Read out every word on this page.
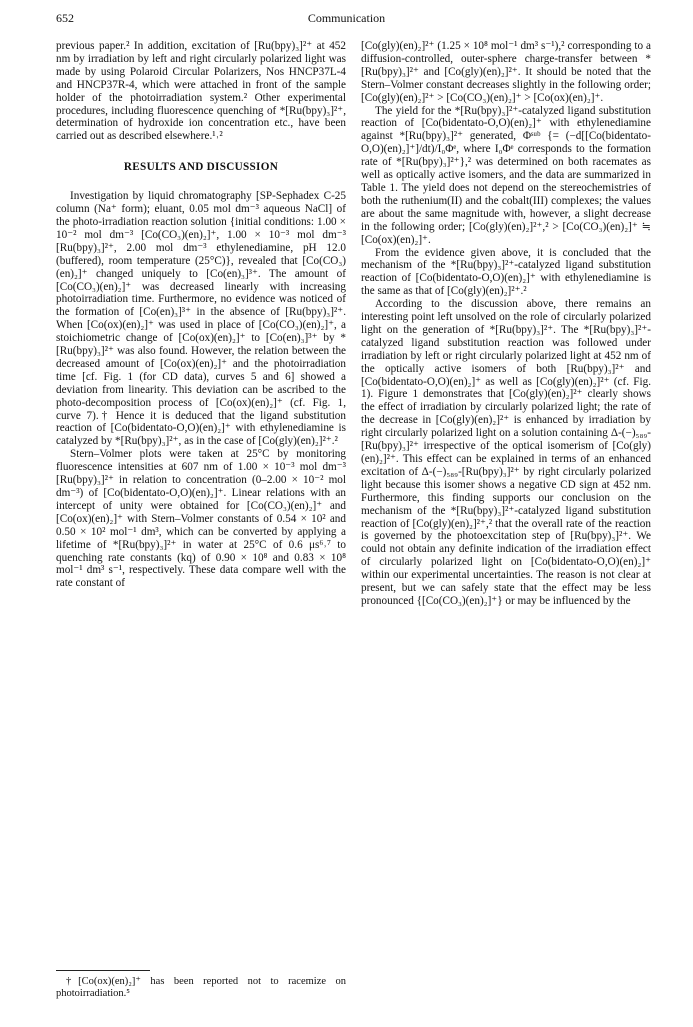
652	Communication

previous paper.² In addition, excitation of [Ru(bpy)₃]²⁺ at 452 nm by irradiation by left and right circularly polarized light was made by using Polaroid Circular Polarizers, Nos HNCP37L-4 and HNCP37R-4, which were attached in front of the sample holder of the photoirradiation system.² Other experimental procedures, including fluorescence quenching of *[Ru(bpy)₃]²⁺, determination of hydroxide ion concentration etc., have been carried out as described elsewhere.¹˒²

RESULTS AND DISCUSSION

Investigation by liquid chromatography [SP-Sephadex C-25 column (Na⁺ form); eluant, 0.05 mol dm⁻³ aqueous NaCl] of the photo-irradiation reaction solution {initial conditions: 1.00 × 10⁻² mol dm⁻³ [Co(CO₃)(en)₂]⁺, 1.00 × 10⁻³ mol dm⁻³ [Ru(bpy)₃]²⁺, 2.00 mol dm⁻³ ethylenediamine, pH 12.0 (buffered), room temperature (25°C)}, revealed that [Co(CO₃)(en)₂]⁺ changed uniquely to [Co(en)₃]³⁺. The amount of [Co(CO₃)(en)₂]⁺ was decreased linearly with increasing photoirradiation time. Furthermore, no evidence was noticed of the formation of [Co(en)₃]³⁺ in the absence of [Ru(bpy)₃]²⁺. When [Co(ox)(en)₂]⁺ was used in place of [Co(CO₃)(en)₂]⁺, a stoichiometric change of [Co(ox)(en)₂]⁺ to [Co(en)₃]³⁺ by *[Ru(bpy)₃]²⁺ was also found. However, the relation between the decreased amount of [Co(ox)(en)₂]⁺ and the photoirradiation time [cf. Fig. 1 (for CD data), curves 5 and 6] showed a deviation from linearity. This deviation can be ascribed to the photo-decomposition process of [Co(ox)(en)₂]⁺ (cf. Fig. 1, curve 7).† Hence it is deduced that the ligand substitution reaction of [Co(bidentato-O,O)(en)₂]⁺ with ethylenediamine is catalyzed by *[Ru(bpy)₃]²⁺, as in the case of [Co(gly)(en)₂]²⁺.²

Stern–Volmer plots were taken at 25°C by monitoring fluorescence intensities at 607 nm of 1.00 × 10⁻³ mol dm⁻³ [Ru(bpy)₃]²⁺ in relation to concentration (0–2.00 × 10⁻² mol dm⁻³) of [Co(bidentato-O,O)(en)₂]⁺. Linear relations with an intercept of unity were obtained for [Co(CO₃)(en)₂]⁺ and [Co(ox)(en)₂]⁺ with Stern–Volmer constants of 0.54 × 10² and 0.50 × 10² mol⁻¹ dm³, which can be converted by applying a lifetime of *[Ru(bpy)₃]²⁺ in water at 25°C of 0.6 μs⁶˒⁷ to quenching rate constants (kq) of 0.90 × 10⁸ and 0.83 × 10⁸ mol⁻¹ dm³ s⁻¹, respectively. These data compare well with the rate constant of

[Co(gly)(en)₂]²⁺ (1.25 × 10⁸ mol⁻¹ dm³ s⁻¹),² corresponding to a diffusion-controlled, outer-sphere charge-transfer between *[Ru(bpy)₃]²⁺ and [Co(gly)(en)₂]²⁺. It should be noted that the Stern–Volmer constant decreases slightly in the following order; [Co(gly)(en)₂]²⁺ > [Co(CO₃)(en)₂]⁺ > [Co(ox)(en)₂]⁺.

The yield for the *[Ru(bpy)₃]²⁺-catalyzed ligand substitution reaction of [Co(bidentato-O,O)(en)₂]⁺ with ethylenediamine against *[Ru(bpy)₃]²⁺ generated, Φˢᵘᵇ {= (−d[[Co(bidentato-O,O)(en)₂]⁺]/dt)/I₀Φᵉ, where I₀Φᵉ corresponds to the formation rate of *[Ru(bpy)₃]²⁺},² was determined on both racemates as well as optically active isomers, and the data are summarized in Table 1. The yield does not depend on the stereochemistries of both the ruthenium(II) and the cobalt(III) complexes; the values are about the same magnitude with, however, a slight decrease in the following order; [Co(gly)(en)₂]²⁺,² > [Co(CO₃)(en)₂]⁺ ≒ [Co(ox)(en)₂]⁺.

From the evidence given above, it is concluded that the mechanism of the *[Ru(bpy)₃]²⁺-catalyzed ligand substitution reaction of [Co(bidentato-O,O)(en)₂]⁺ with ethylenediamine is the same as that of [Co(gly)(en)₂]²⁺.²

According to the discussion above, there remains an interesting point left unsolved on the role of circularly polarized light on the generation of *[Ru(bpy)₃]²⁺. The *[Ru(bpy)₃]²⁺-catalyzed ligand substitution reaction was followed under irradiation by left or right circularly polarized light at 452 nm of the optically active isomers of both [Ru(bpy)₃]²⁺ and [Co(bidentato-O,O)(en)₂]⁺ as well as [Co(gly)(en)₂]²⁺ (cf. Fig. 1). Figure 1 demonstrates that [Co(gly)(en)₂]²⁺ clearly shows the effect of irradiation by circularly polarized light; the rate of the decrease in [Co(gly)(en)₂]²⁺ is enhanced by irradiation by right circularly polarized light on a solution containing Δ-(−)₅₈₉-[Ru(bpy)₃]²⁺ irrespective of the optical isomerism of [Co(gly)(en)₂]²⁺. This effect can be explained in terms of an enhanced excitation of Δ-(−)₅₈₉-[Ru(bpy)₃]²⁺ by right circularly polarized light because this isomer shows a negative CD sign at 452 nm. Furthermore, this finding supports our conclusion on the mechanism of the *[Ru(bpy)₃]²⁺-catalyzed ligand substitution reaction of [Co(gly)(en)₂]²⁺,² that the overall rate of the reaction is governed by the photoexcitation step of [Ru(bpy)₃]²⁺. We could not obtain any definite indication of the irradiation effect of circularly polarized light on [Co(bidentato-O,O)(en)₂]⁺ within our experimental uncertainties. The reason is not clear at present, but we can safely state that the effect may be less pronounced {[Co(CO₃)(en)₂]⁺} or may be influenced by the

†[Co(ox)(en)₂]⁺ has been reported not to racemize on photoirradiation.⁵
